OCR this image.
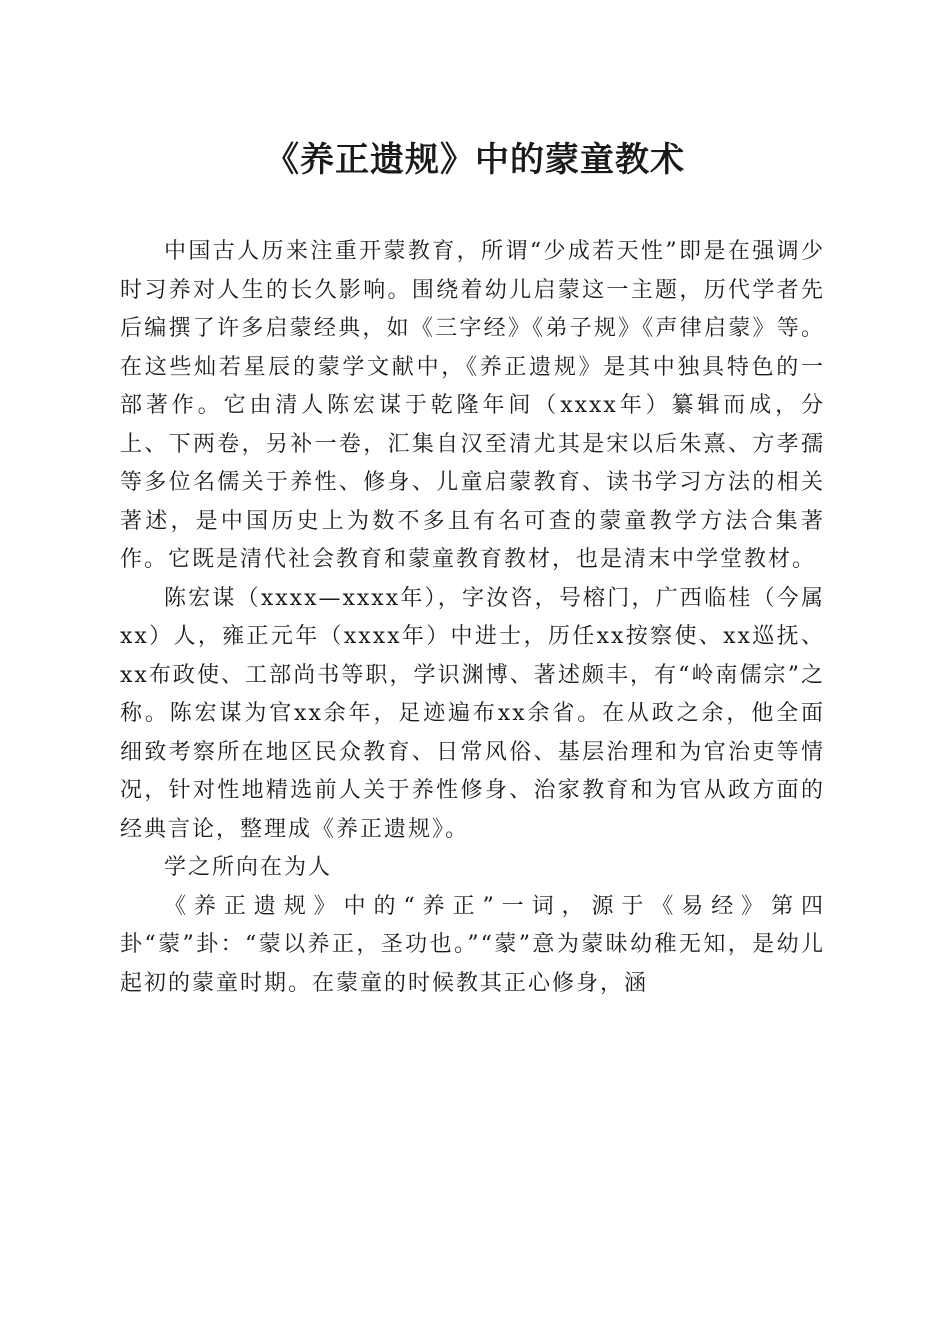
《养正遗规》中的蒙童教术

中国古人历来注重开蒙教育，所谓“少成若天性”即是在强调少时习养对人生的长久影响。围绕着幼儿启蒙这一主题，历代学者先后编撰了许多启蒙经典，如《三字经》《弟子规》《声律启蒙》等。在这些灿若星辰的蒙学文献中，《养正遗规》是其中独具特色的一部著作。它由清人陈宏谋于乾隆年间（xxxx年）纂辑而成，分上、下两卷，另补一卷，汇集自汉至清尤其是宋以后朱熹、方孝孺等多位名儒关于养性、修身、儿童启蒙教育、读书学习方法的相关著述，是中国历史上为数不多且有名可查的蒙童教学方法合集著作。它既是清代社会教育和蒙童教育教材，也是清末中学堂教材。

陈宏谋（xxxx—xxxx年），字汝咨，号榕门，广西临桂（今属xx）人，雍正元年（xxxx年）中进士，历任xx按察使、xx巡抚、xx布政使、工部尚书等职，学识渊博、著述颇丰，有“岭南儒宗”之称。陈宏谋为官xx余年，足迹遍布xx余省。在从政之余，他全面细致考察所在地区民众教育、日常风俗、基层治理和为官治吏等情况，针对性地精选前人关于养性修身、治家教育和为官从政方面的经典言论，整理成《养正遗规》。

学之所向在为人

《养正遗规》中的“养正”一词，源于《易经》第四卦“蒙”卦：“蒙以养正，圣功也。”“蒙”意为蒙昧幼稚无知，是幼儿起初的蒙童时期。在蒙童的时候教其正心修身，涵
